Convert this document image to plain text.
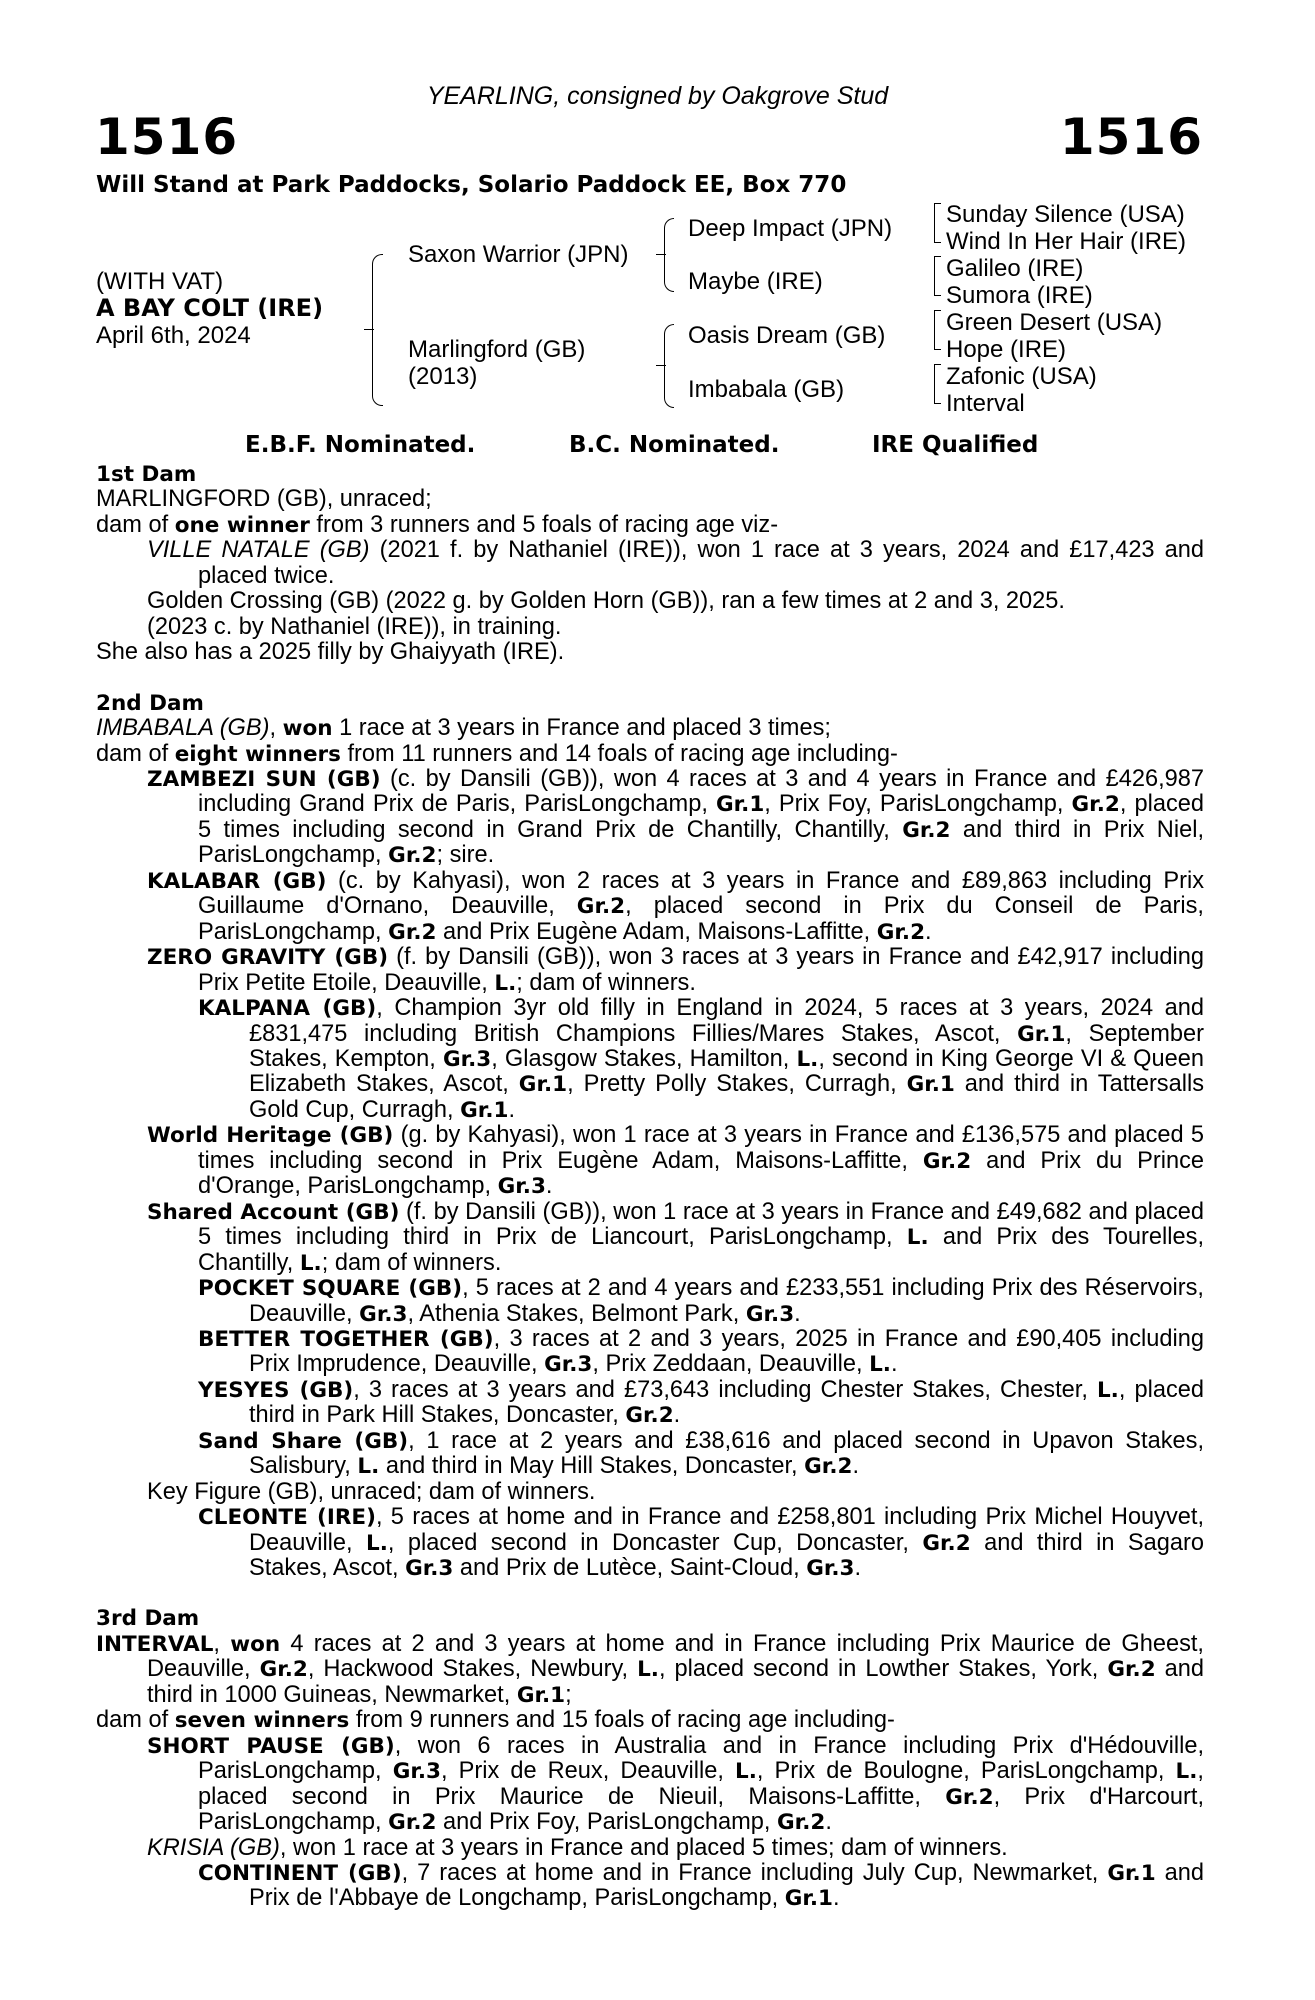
YEARLING, consigned by Oakgrove Stud
1516	1516
Will Stand at Park Paddocks, Solario Paddock EE, Box 770
(WITH VAT)
A BAY COLT (IRE)
April 6th, 2024
Saxon Warrior (JPN)
Marlingford (GB)
(2013)
Deep Impact (JPN)
Maybe (IRE)
Oasis Dream (GB)
Imbabala (GB)
Sunday Silence (USA)
Wind In Her Hair (IRE)
Galileo (IRE)
Sumora (IRE)
Green Desert (USA)
Hope (IRE)
Zafonic (USA)
Interval
E.B.F. Nominated.	B.C. Nominated.	IRE Qualified

1st Dam

MARLINGFORD (GB), unraced;

dam of one winner from 3 runners and 5 foals of racing age viz-

VILLE NATALE (GB) (2021 f. by Nathaniel (IRE)), won 1 race at 3 years, 2024 and £17,423 and placed twice.

Golden Crossing (GB) (2022 g. by Golden Horn (GB)), ran a few times at 2 and 3, 2025.

(2023 c. by Nathaniel (IRE)), in training.

She also has a 2025 filly by Ghaiyyath (IRE).

2nd Dam

IMBABALA (GB), won 1 race at 3 years in France and placed 3 times;

dam of eight winners from 11 runners and 14 foals of racing age including-

ZAMBEZI SUN (GB) (c. by Dansili (GB)), won 4 races at 3 and 4 years in France and £426,987 including Grand Prix de Paris, ParisLongchamp, Gr.1, Prix Foy, ParisLongchamp, Gr.2, placed 5 times including second in Grand Prix de Chantilly, Chantilly, Gr.2 and third in Prix Niel, ParisLongchamp, Gr.2; sire.

KALABAR (GB) (c. by Kahyasi), won 2 races at 3 years in France and £89,863 including Prix Guillaume d'Ornano, Deauville, Gr.2, placed second in Prix du Conseil de Paris, ParisLongchamp, Gr.2 and Prix Eugène Adam, Maisons-Laffitte, Gr.2.

ZERO GRAVITY (GB) (f. by Dansili (GB)), won 3 races at 3 years in France and £42,917 including Prix Petite Etoile, Deauville, L.; dam of winners.

KALPANA (GB), Champion 3yr old filly in England in 2024, 5 races at 3 years, 2024 and £831,475 including British Champions Fillies/Mares Stakes, Ascot, Gr.1, September Stakes, Kempton, Gr.3, Glasgow Stakes, Hamilton, L., second in King George VI & Queen Elizabeth Stakes, Ascot, Gr.1, Pretty Polly Stakes, Curragh, Gr.1 and third in Tattersalls Gold Cup, Curragh, Gr.1.

World Heritage (GB) (g. by Kahyasi), won 1 race at 3 years in France and £136,575 and placed 5 times including second in Prix Eugène Adam, Maisons-Laffitte, Gr.2 and Prix du Prince d'Orange, ParisLongchamp, Gr.3.

Shared Account (GB) (f. by Dansili (GB)), won 1 race at 3 years in France and £49,682 and placed 5 times including third in Prix de Liancourt, ParisLongchamp, L. and Prix des Tourelles, Chantilly, L.; dam of winners.

POCKET SQUARE (GB), 5 races at 2 and 4 years and £233,551 including Prix des Réservoirs, Deauville, Gr.3, Athenia Stakes, Belmont Park, Gr.3.

BETTER TOGETHER (GB), 3 races at 2 and 3 years, 2025 in France and £90,405 including Prix Imprudence, Deauville, Gr.3, Prix Zeddaan, Deauville, L..

YESYES (GB), 3 races at 3 years and £73,643 including Chester Stakes, Chester, L., placed third in Park Hill Stakes, Doncaster, Gr.2.

Sand Share (GB), 1 race at 2 years and £38,616 and placed second in Upavon Stakes, Salisbury, L. and third in May Hill Stakes, Doncaster, Gr.2.

Key Figure (GB), unraced; dam of winners.

CLEONTE (IRE), 5 races at home and in France and £258,801 including Prix Michel Houyvet, Deauville, L., placed second in Doncaster Cup, Doncaster, Gr.2 and third in Sagaro Stakes, Ascot, Gr.3 and Prix de Lutèce, Saint-Cloud, Gr.3.

3rd Dam

INTERVAL, won 4 races at 2 and 3 years at home and in France including Prix Maurice de Gheest, Deauville, Gr.2, Hackwood Stakes, Newbury, L., placed second in Lowther Stakes, York, Gr.2 and third in 1000 Guineas, Newmarket, Gr.1;

dam of seven winners from 9 runners and 15 foals of racing age including-

SHORT PAUSE (GB), won 6 races in Australia and in France including Prix d'Hédouville, ParisLongchamp, Gr.3, Prix de Reux, Deauville, L., Prix de Boulogne, ParisLongchamp, L., placed second in Prix Maurice de Nieuil, Maisons-Laffitte, Gr.2, Prix d'Harcourt, ParisLongchamp, Gr.2 and Prix Foy, ParisLongchamp, Gr.2.

KRISIA (GB), won 1 race at 3 years in France and placed 5 times; dam of winners.

CONTINENT (GB), 7 races at home and in France including July Cup, Newmarket, Gr.1 and Prix de l'Abbaye de Longchamp, ParisLongchamp, Gr.1.
